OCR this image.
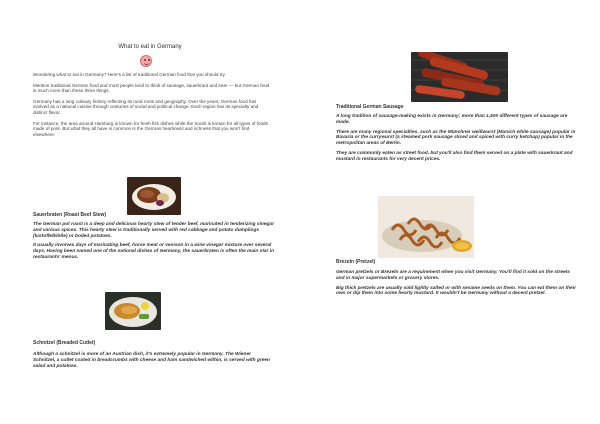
What to eat in Germany

Wondering what to eat in Germany? Here's a list of traditional German food that you should try.

Mention traditional German food and most people tend to think of sausage, sauerkraut and beer — but German food is much more than these three things.

Germany has a long culinary history reflecting its rural roots and geography. Over the years, German food has evolved as a national cuisine through centuries of social and political change. Each region has its specialty and distinct flavor.

For instance, the area around Hamburg is known for fresh fish dishes while the South is known for all types of foods made of pork. But what they all have in common is the German heartiness and richness that you won't find elsewhere.

Sauerbraten (Roast Beef Stew)

The German pot roast is a deep and delicious hearty stew of tender beef, marinated in tenderizing vinegar and various spices. This hearty stew is traditionally served with red cabbage and potato dumplings (kartoffelklöße) or boiled potatoes.

It usually involves days of marinating beef, horse meat or venison in a wine vinegar mixture over several days. Having been named one of the national dishes of Germany, the sauerbraten is often the main star in restaurants' menus.

Schnitzel (Breaded Cutlet)

Although a schnitzel is more of an Austrian dish, it's extremely popular in Germany. The Wiener Schnitzel, a cutlet coated in breadcrumbs with cheese and ham sandwiched within, is served with green salad and potatoes.

Traditional German Sausage

A long tradition of sausage-making exists in Germany; more than 1,500 different types of sausage are made.

There are many regional specialties, such as the Münchner weißwurst (Munich white sausage) popular in Bavaria or the currywurst (a steamed pork sausage sliced and spiced with curry ketchup) popular in the metropolitan areas of Berlin.

They are commonly eaten as street food, but you'll also find them served on a plate with sauerkraut and mustard in restaurants for very decent prices.

Brezeln (Pretzel)

German pretzels or Brezeln are a requirement when you visit Germany. You'll find it sold on the streets and in major supermarkets or grocery stores.

Big thick pretzels are usually sold lightly salted or with sesame seeds on them. You can eat them on their own or dip them into some hearty mustard. It wouldn't be Germany without a decent pretzel.
